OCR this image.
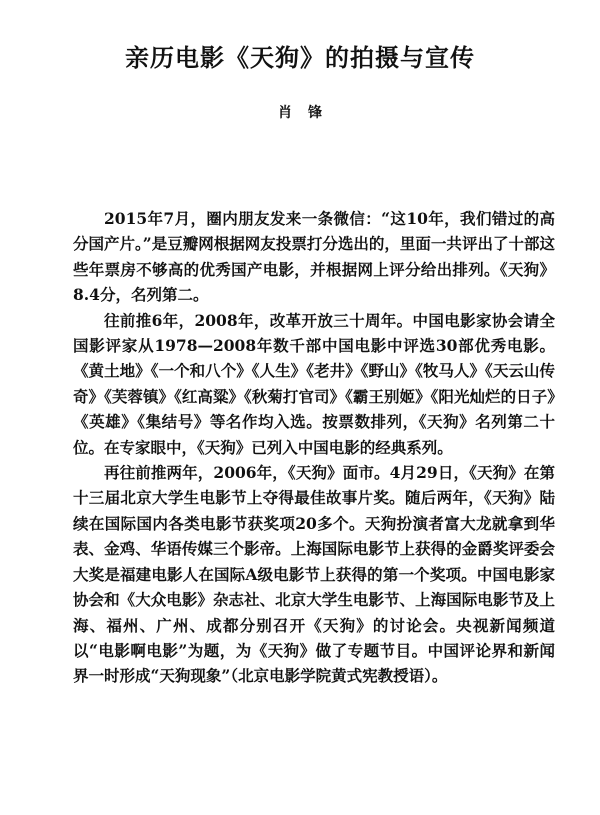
亲历电影《天狗》的拍摄与宣传
肖锋

2015年7月，圈内朋友发来一条微信：“这10年，我们错过的高分国产片。”是豆瓣网根据网友投票打分选出的，里面一共评出了十部这些年票房不够高的优秀国产电影，并根据网上评分给出排列。《天狗》8.4分，名列第二。

往前推6年，2008年，改革开放三十周年。中国电影家协会请全国影评家从1978—2008年数千部中国电影中评选30部优秀电影。《黄土地》《一个和八个》《人生》《老井》《野山》《牧马人》《天云山传奇》《芙蓉镇》《红高粱》《秋菊打官司》《霸王别姬》《阳光灿烂的日子》《英雄》《集结号》等名作均入选。按票数排列，《天狗》名列第二十位。在专家眼中，《天狗》已列入中国电影的经典系列。

再往前推两年，2006年，《天狗》面市。4月29日，《天狗》在第十三届北京大学生电影节上夺得最佳故事片奖。随后两年，《天狗》陆续在国际国内各类电影节获奖项20多个。天狗扮演者富大龙就拿到华表、金鸡、华语传媒三个影帝。上海国际电影节上获得的金爵奖评委会大奖是福建电影人在国际A级电影节上获得的第一个奖项。中国电影家协会和《大众电影》杂志社、北京大学生电影节、上海国际电影节及上海、福州、广州、成都分别召开《天狗》的讨论会。央视新闻频道以“电影啊电影”为题，为《天狗》做了专题节目。中国评论界和新闻界一时形成“天狗现象”（北京电影学院黄式宪教授语）。
